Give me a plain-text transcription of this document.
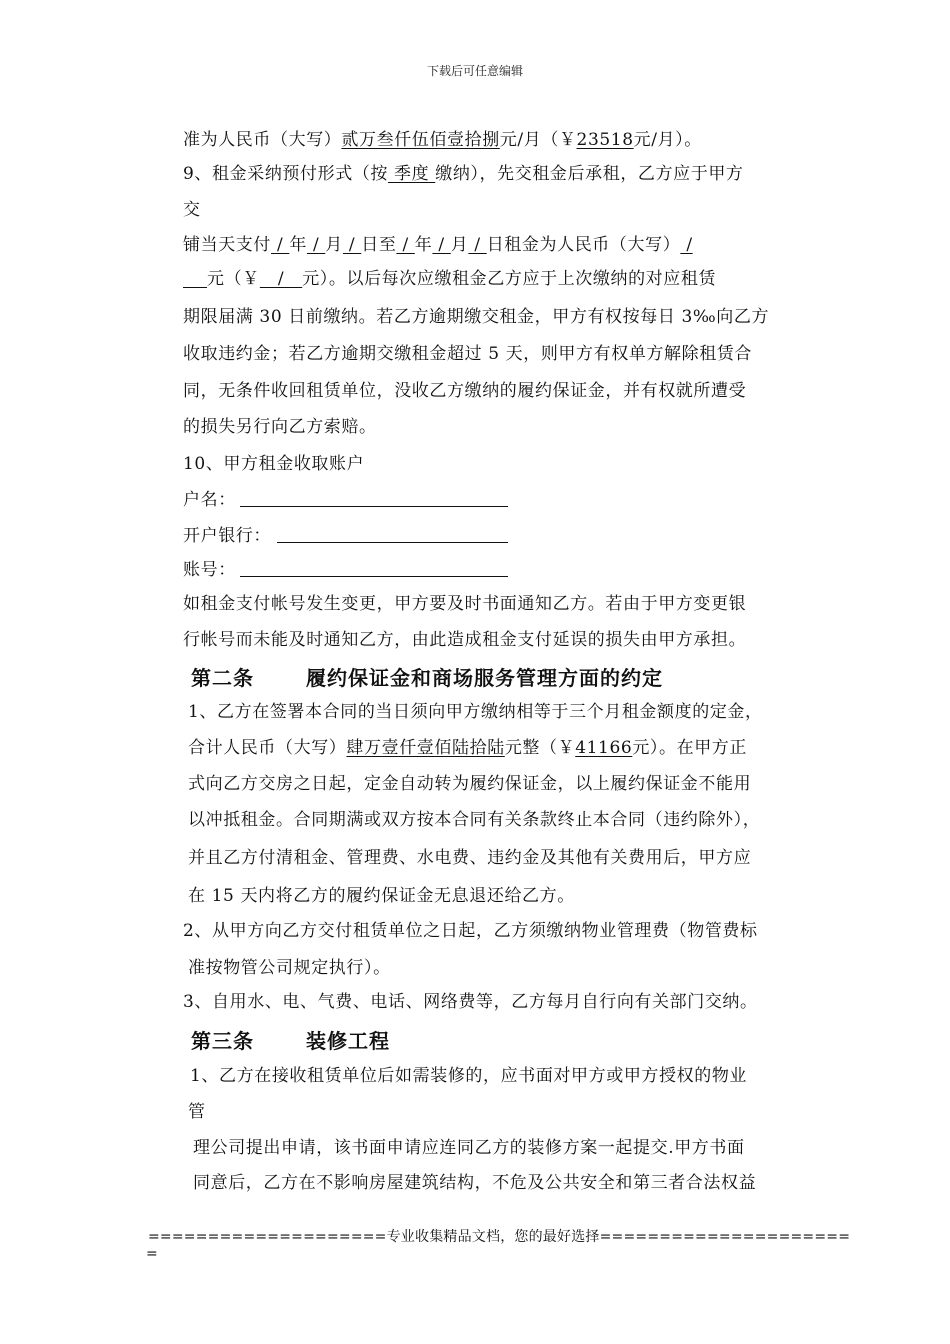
下载后可任意编辑
准为人民币（大写）贰万叁仟伍佰壹拾捌元/月（￥23518元/月）。
9、租金采纳预付形式（按 季度 缴纳），先交租金后承租，乙方应于甲方
交
铺当天支付 / 年 / 月 / 日至 / 年 / 月 / 日租金为人民币（大写） /
元（￥   /   元）。以后每次应缴租金乙方应于上次缴纳的对应租赁
期限届满 30 日前缴纳。若乙方逾期缴交租金，甲方有权按每日 3‰向乙方
收取违约金；若乙方逾期交缴租金超过 5 天，则甲方有权单方解除租赁合
同，无条件收回租赁单位，没收乙方缴纳的履约保证金，并有权就所遭受
的损失另行向乙方索赔。
10、甲方租金收取账户
户名：
开户银行：
账号：
如租金支付帐号发生变更，甲方要及时书面通知乙方。若由于甲方变更银
行帐号而未能及时通知乙方，由此造成租金支付延误的损失由甲方承担。
第二条	履约保证金和商场服务管理方面的约定
1、乙方在签署本合同的当日须向甲方缴纳相等于三个月租金额度的定金，
合计人民币（大写）肆万壹仟壹佰陆拾陆元整（￥41166元）。在甲方正
式向乙方交房之日起，定金自动转为履约保证金，以上履约保证金不能用
以冲抵租金。合同期满或双方按本合同有关条款终止本合同（违约除外），
并且乙方付清租金、管理费、水电费、违约金及其他有关费用后，甲方应
在 15 天内将乙方的履约保证金无息退还给乙方。
2、从甲方向乙方交付租赁单位之日起，乙方须缴纳物业管理费（物管费标
准按物管公司规定执行）。
3、自用水、电、气费、电话、网络费等，乙方每月自行向有关部门交纳。
第三条	装修工程
1、乙方在接收租赁单位后如需装修的，应书面对甲方或甲方授权的物业
管
理公司提出申请，该书面申请应连同乙方的装修方案一起提交.甲方书面
同意后，乙方在不影响房屋建筑结构，不危及公共安全和第三者合法权益
====================专业收集精品文档，您的最好选择=====================
=
